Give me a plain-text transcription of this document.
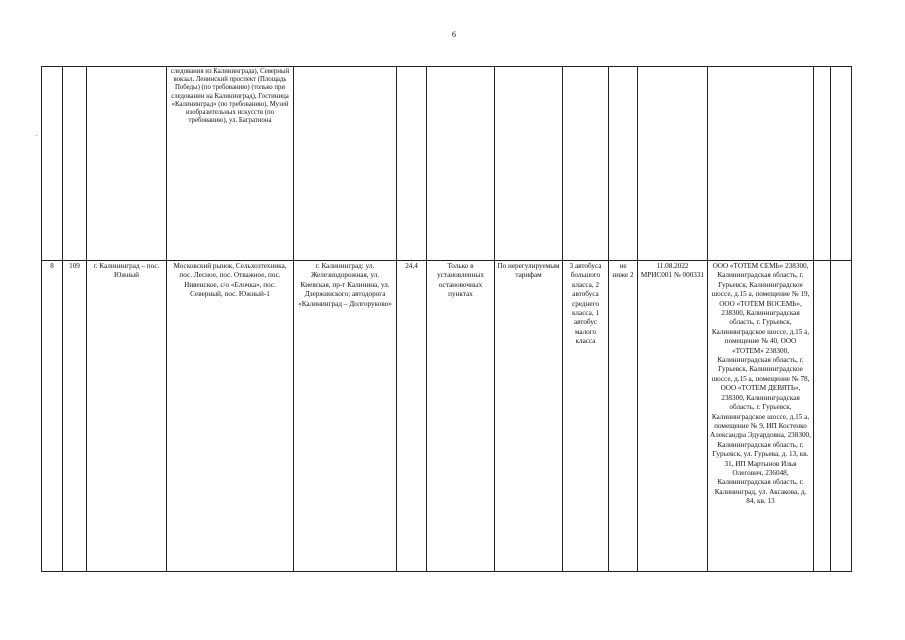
6
.
			следования из Калининграда), Северный вокзал, Ленинский проспект (Площадь Победы) (по требованию) (только при следовании на Калининград), Гостиница «Калининград» (по требованию), Музей изобразительных искусств (по требованию), ул. Багратиона										
8	109	г. Калининград – пос. Южный	Московский рынок, Сельхозтехника, пос. Лесное, пос. Отважное, пос. Нивенское, с/о «Елочка», пос. Северный, пос. Южный-1	г. Калининград: ул. Железнодорожная, ул. Киевская, пр-т Калинина, ул. Дзержинского; автодорога «Калининград – Долгоруково»	24,4	Только в установленных остановочных пунктах	По нерегулируемым тарифам	3 автобуса большого класса, 2 автобуса среднего класса, 1 автобус малого класса	не ниже 2	11.08.2022 МРИС001 № 000331	ООО «ТОТЕМ СЕМЬ» 238300, Калининградская область, г. Гурьевск, Калининградское шоссе, д.15 а, помещение № 19, ООО «ТОТЕМ ВОСЕМЬ», 238300, Калининградская область, г. Гурьевск, Калининградское шоссе, д.15 а, помещение № 40, ООО «ТОТЕМ» 238300, Калининградская область, г. Гурьевск, Калининградское шоссе, д.15 а, помещение № 78, ООО «ТОТЕМ ДЕВЯТЬ», 238300, Калининградская область, г. Гурьевск, Калининградское шоссе, д.15 а, помещение № 9, ИП Костенко Александра Эдуардовна, 238300, Калининградская область, г. Гурьевск, ул. Гурьева, д. 13, кв. 31, ИП Мартынов Илья Олегович, 236048, Калининградская область, г. Калининград, ул. Аксакова, д. 84, кв. 13		
